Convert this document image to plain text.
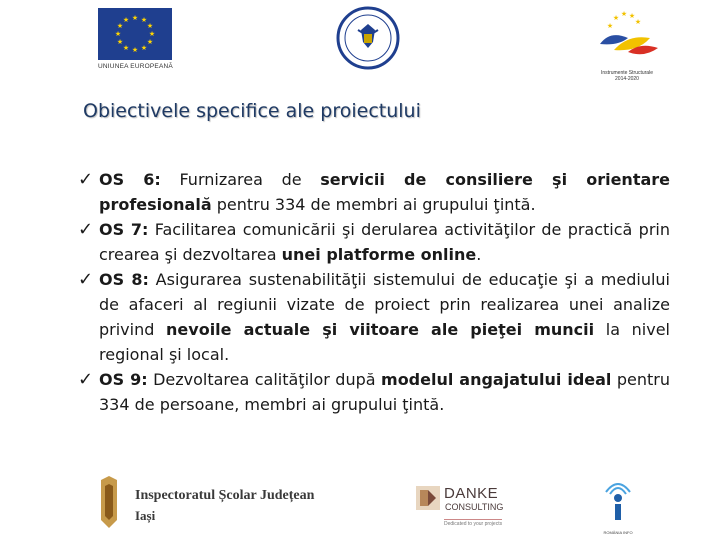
★ ★
★
★
★
★
★
★
★
★
★
★
UNIUNEA EUROPEANĂ
★ ★ ★
★	★
Instrumente Structurale
2014-2020
Obiectivele specifice ale proiectului
✓ OS 6: Furnizarea de servicii de consiliere şi orientare profesională pentru 334 de membri ai grupului ţintă.
✓ OS 7: Facilitarea comunicării şi derularea activităţilor de practică prin crearea şi dezvoltarea unei platforme online.
✓ OS 8: Asigurarea sustenabilităţii sistemului de educaţie şi a mediului de afaceri al regiunii vizate de proiect prin realizarea unei analize privind nevoile actuale şi viitoare ale pieţei muncii la nivel regional şi local.
✓ OS 9: Dezvoltarea calităţilor după modelul angajatului ideal pentru 334 de persoane, membri ai grupului ţintă.
Inspectoratul Școlar Județean
Iași
DANKE
CONSULTING
Dedicated to your projects
ROMÂNIA INFO
